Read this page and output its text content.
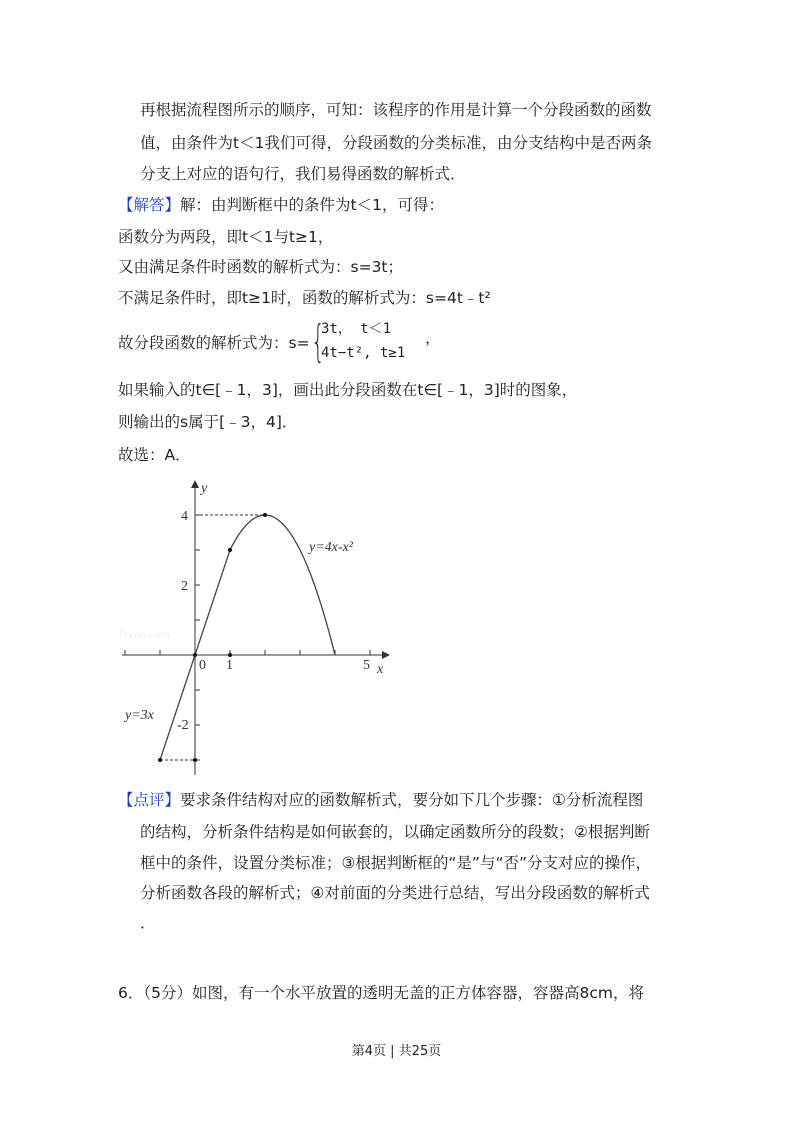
再根据流程图所示的顺序，可知：该程序的作用是计算一个分段函数的函数
值，由条件为t＜1我们可得，分段函数的分类标准，由分支结构中是否两条
分支上对应的语句行，我们易得函数的解析式．
【解答】解：由判断框中的条件为t＜1，可得：
函数分为两段，即t＜1与t≥1，
又由满足条件时函数的解析式为：s=3t；
不满足条件时，即t≥1时，函数的解析式为：s=4t﹣t²
故分段函数的解析式为：s= {
3t， t＜1
4t−t², t≥1
，
如果输入的t∈[﹣1，3]，画出此分段函数在t∈[﹣1，3]时的图象，
则输出的s属于[﹣3，4]．
故选：A．
Jyeoo.com
x
y
0 1	5
4
2
-2
y=4x-x²
y=3x
【点评】要求条件结构对应的函数解析式，要分如下几个步骤：①分析流程图
的结构，分析条件结构是如何嵌套的，以确定函数所分的段数；②根据判断
框中的条件，设置分类标准；③根据判断框的“是”与“否”分支对应的操作，
分析函数各段的解析式；④对前面的分类进行总结，写出分段函数的解析式
．
6．（5分）如图，有一个水平放置的透明无盖的正方体容器，容器高8cm，将
第4页 | 共25页
